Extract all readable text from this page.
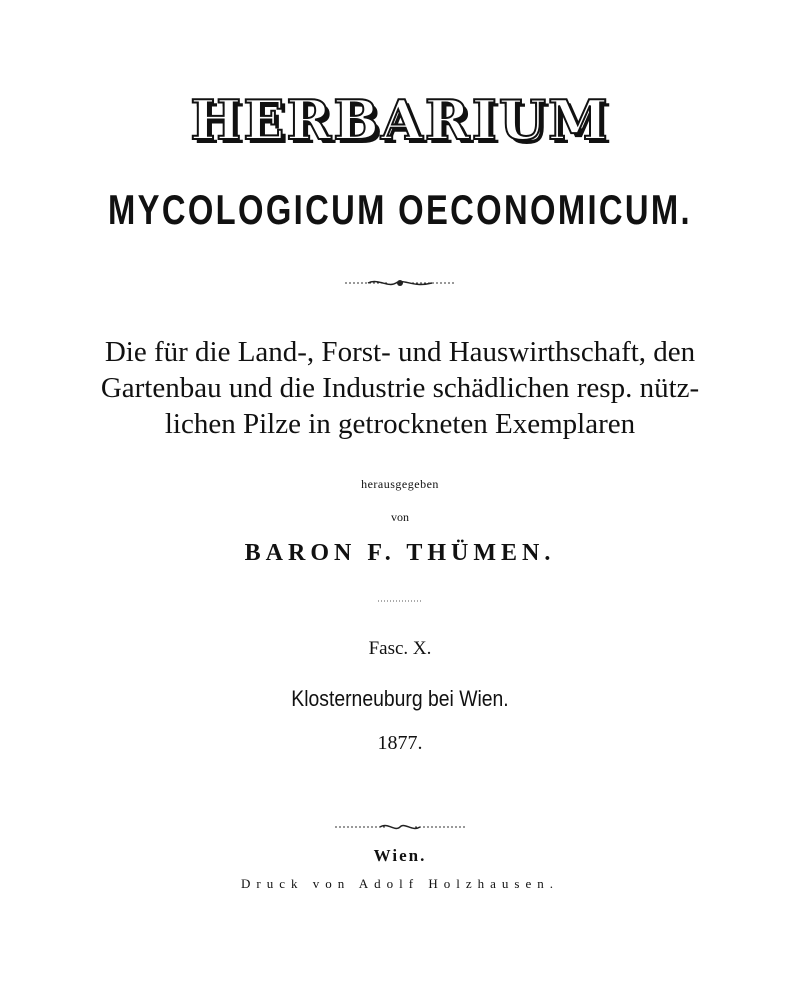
HERBARIUM
MYCOLOGICUM OECONOMICUM.
Die für die Land-, Forst- und Hauswirthschaft, den
Gartenbau und die Industrie schädlichen resp. nütz-
lichen Pilze in getrockneten Exemplaren
herausgegeben
von
BARON F. THÜMEN.
Fasc. X.
Klosterneuburg bei Wien.
1877.
Wien.
Druck von Adolf Holzhausen.
